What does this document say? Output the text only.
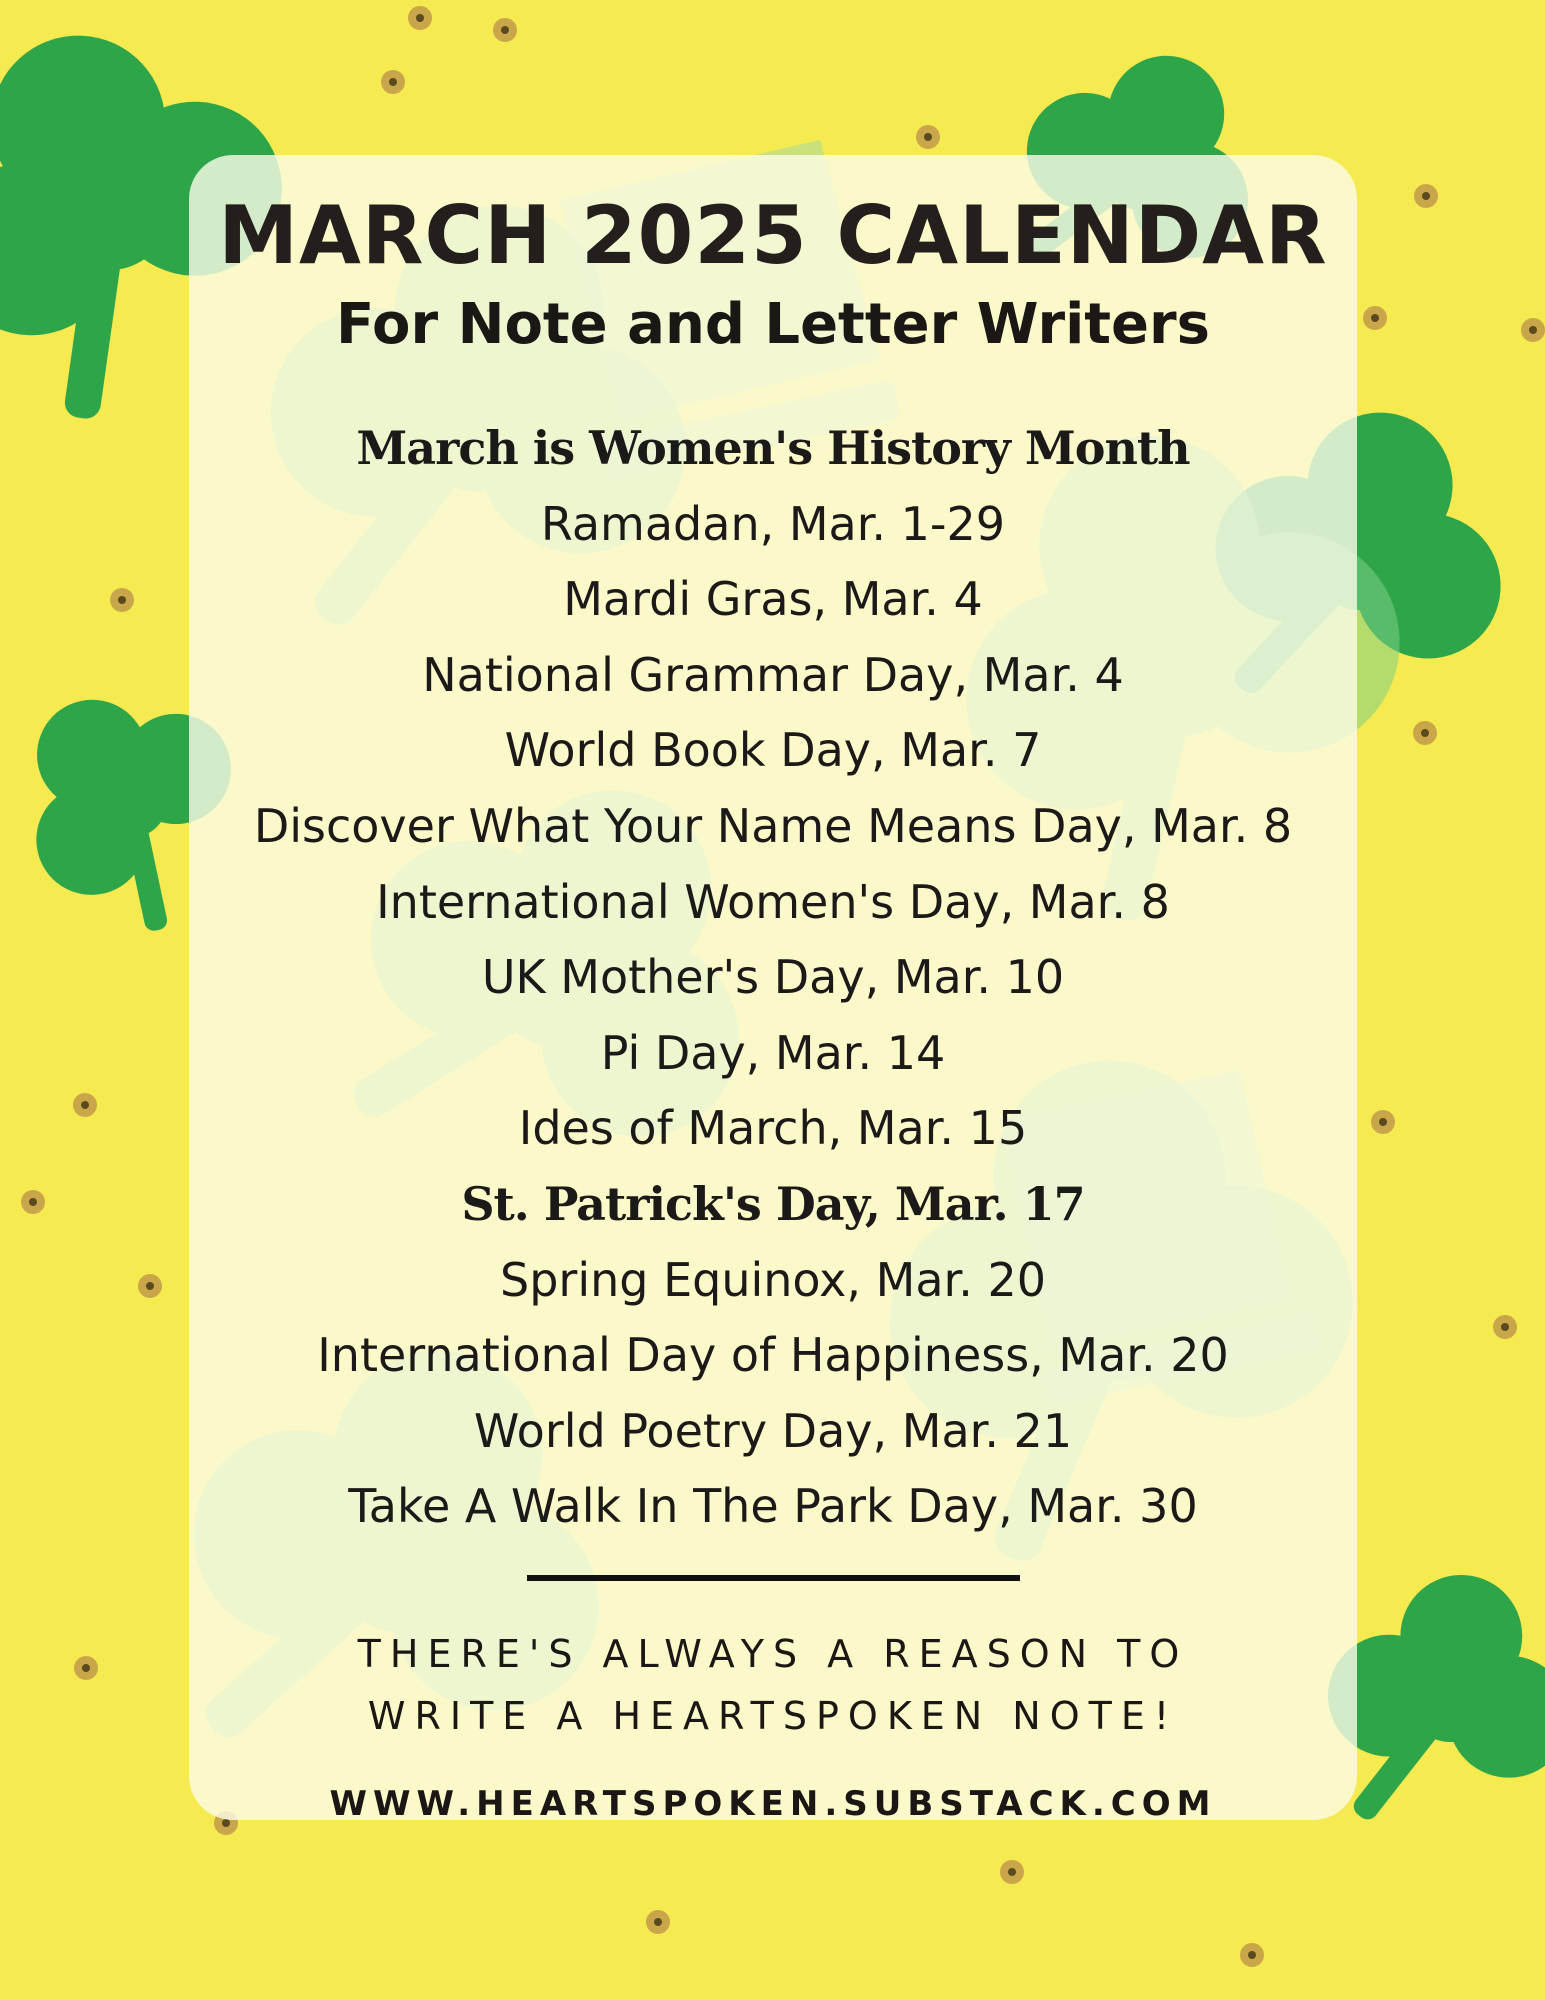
MARCH 2025 CALENDAR
For Note and Letter Writers
March is Women's History Month
Ramadan, Mar. 1-29
Mardi Gras, Mar. 4
National Grammar Day, Mar. 4
World Book Day, Mar. 7
Discover What Your Name Means Day, Mar. 8
International Women's Day, Mar. 8
UK Mother's Day, Mar. 10
Pi Day, Mar. 14
Ides of March, Mar. 15
St. Patrick's Day, Mar. 17
Spring Equinox, Mar. 20
International Day of Happiness, Mar. 20
World Poetry Day, Mar. 21
Take A Walk In The Park Day, Mar. 30

THERE'S ALWAYS A REASON TO

WRITE A HEARTSPOKEN NOTE!

WWW.HEARTSPOKEN.SUBSTACK.COM
